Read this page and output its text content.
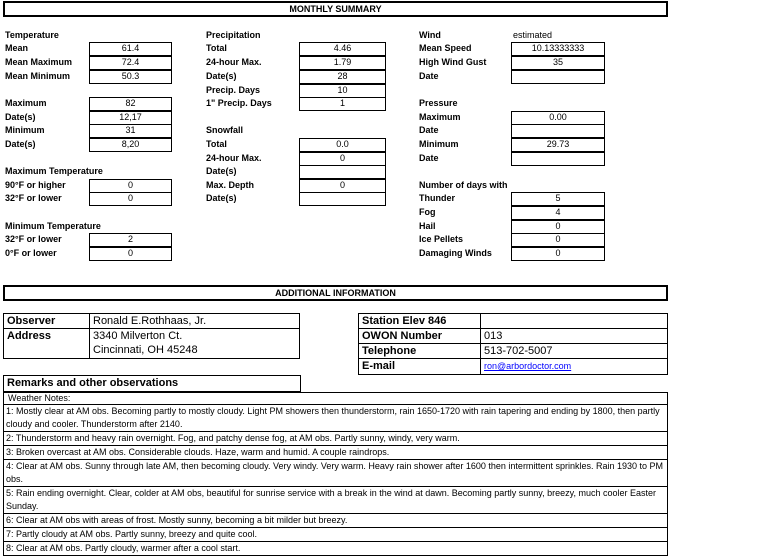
MONTHLY SUMMARY
Temperature
Mean	61.4
Mean Maximum	72.4
Mean Minimum	50.3
Maximum	82
Date(s)	12,17
Minimum	31
Date(s)	8,20
Maximum Temperature
90°F or higher	0
32°F or lower	0
Minimum Temperature
32°F or lower	2
0°F or lower	0
Precipitation
Total	4.46
24-hour Max.	1.79
Date(s)	28
Precip. Days	10
1" Precip. Days	1
Snowfall
Total	0.0
24-hour Max.	0
Date(s)
Max. Depth	0
Date(s)
Wind	estimated
Mean Speed	10.13333333
High Wind Gust	35
Date
Pressure
Maximum	0.00
Date
Minimum	29.73
Date
Number of days with
Thunder	5
Fog	4
Hail	0
Ice Pellets	0
Damaging Winds	0
ADDITIONAL INFORMATION
Observer	Ronald E.Rothhaas, Jr.
Address	3340 Milverton Ct.
Cincinnati, OH 45248
Station Elev 846
OWON Number	013
Telephone	513-702-5007
E-mail	ron@arbordoctor.com
Remarks and other observations
Weather Notes:
1: Mostly clear at AM obs. Becoming partly to mostly cloudy. Light PM showers then thunderstorm, rain 1650-1720 with rain tapering and ending by 1800, then partly cloudy and cooler. Thunderstorm after 2140.
2: Thunderstorm and heavy rain overnight. Fog, and patchy dense fog, at AM obs. Partly sunny, windy, very warm.
3: Broken overcast at AM obs. Considerable clouds. Haze, warm and humid. A couple raindrops.
4: Clear at AM obs. Sunny through late AM, then becoming cloudy. Very windy. Very warm. Heavy rain shower after 1600 then intermittent sprinkles. Rain 1930 to PM obs.
5: Rain ending overnight. Clear, colder at AM obs, beautiful for sunrise service with a break in the wind at dawn. Becoming partly sunny, breezy, much cooler Easter Sunday.
6: Clear at AM obs with areas of frost. Mostly sunny, becoming a bit milder but breezy.
7: Partly cloudy at AM obs. Partly sunny, breezy and quite cool.
8: Clear at AM obs. Partly cloudy, warmer after a cool start.
